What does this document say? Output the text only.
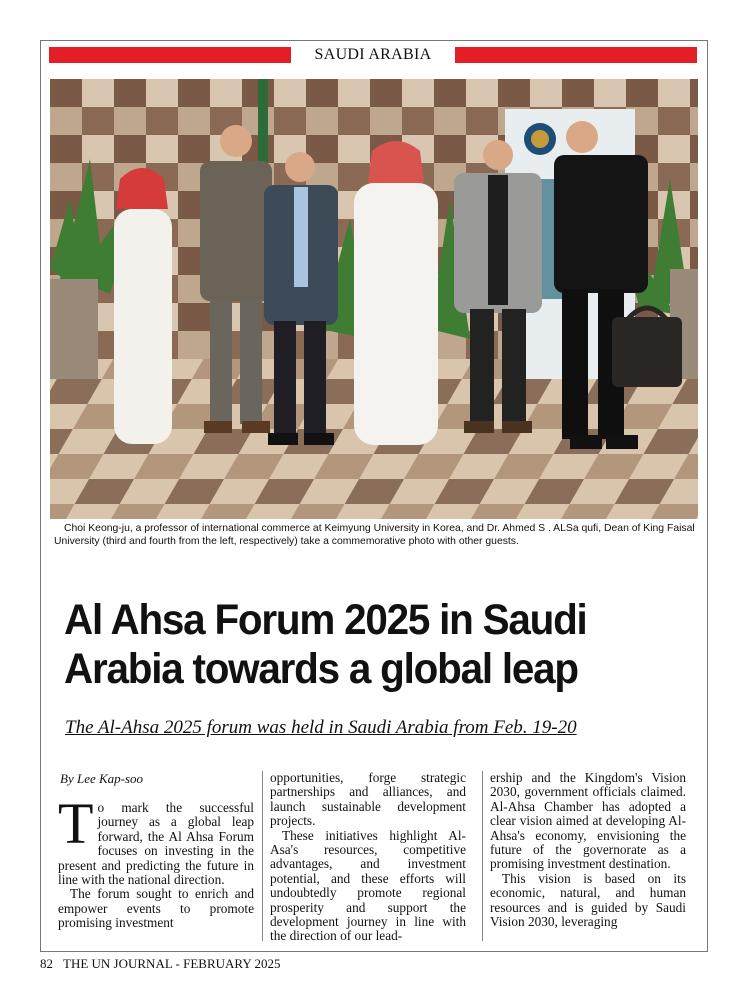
SAUDI ARABIA
Choi Keong-ju, a professor of international commerce at Keimyung University in Korea, and Dr. Ahmed S . ALSa qufi, Dean of King Faisal University (third and fourth from the left, respectively) take a commemorative photo with other guests.
Al Ahsa Forum 2025 in Saudi
Arabia towards a global leap
The Al-Ahsa 2025 forum was held in Saudi Arabia from Feb. 19-20
By Lee Kap-soo

To mark the successful journey as a global leap forward, the Al Ahsa Forum focuses on investing in the present and predicting the future in line with the national direction.

The forum sought to enrich and empower events to promote promising investment

opportunities, forge strategic partnerships and alliances, and launch sustainable development projects.

These initiatives highlight Al-Asa's resources, competitive advantages, and investment potential, and these efforts will undoubtedly promote regional prosperity and support the development journey in line with the direction of our lead-

ership and the Kingdom's Vision 2030, government officials claimed. Al-Ahsa Chamber has adopted a clear vision aimed at developing Al-Ahsa's economy, envisioning the future of the governorate as a promising investment destination.

This vision is based on its economic, natural, and human resources and is guided by Saudi Vision 2030, leveraging

82 THE UN JOURNAL - FEBRUARY 2025
